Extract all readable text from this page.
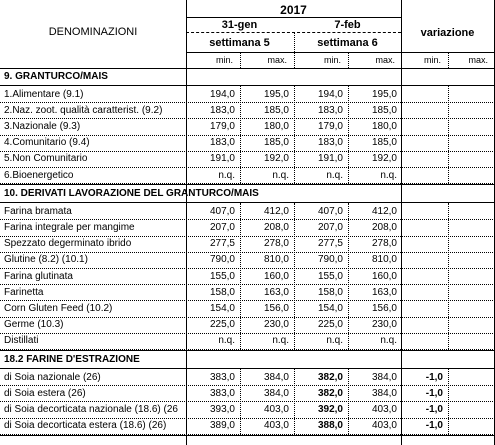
DENOMINAZIONI
2017
31-gen	7-feb
settimana 5	settimana 6
variazione
min.	max.	min.	max.	min.	max.
9. GRANTURCO/MAIS
1.Alimentare (9.1)	194,0	195,0	194,0	195,0
2.Naz. zoot. qualità caratterist. (9.2)	183,0	185,0	183,0	185,0
3.Nazionale (9.3)	179,0	180,0	179,0	180,0
4.Comunitario (9.4)	183,0	185,0	183,0	185,0
5.Non Comunitario	191,0	192,0	191,0	192,0
6.Bioenergetico	n.q.	n.q.	n.q.	n.q.
10. DERIVATI LAVORAZIONE DEL GRANTURCO/MAIS
Farina bramata	407,0	412,0	407,0	412,0
Farina integrale per mangime	207,0	208,0	207,0	208,0
Spezzato degerminato ibrido	277,5	278,0	277,5	278,0
Glutine (8.2) (10.1)	790,0	810,0	790,0	810,0
Farina glutinata	155,0	160,0	155,0	160,0
Farinetta	158,0	163,0	158,0	163,0
Corn Gluten Feed (10.2)	154,0	156,0	154,0	156,0
Germe (10.3)	225,0	230,0	225,0	230,0
Distillati	n.q.	n.q.	n.q.	n.q.
18.2 FARINE D'ESTRAZIONE
di Soia nazionale (26)	383,0	384,0	382,0	384,0	-1,0
di Soia estera (26)	383,0	384,0	382,0	384,0	-1,0
di Soia decorticata nazionale (18.6) (26	393,0	403,0	392,0	403,0	-1,0
di Soia decorticata estera (18.6) (26)	389,0	403,0	388,0	403,0	-1,0
